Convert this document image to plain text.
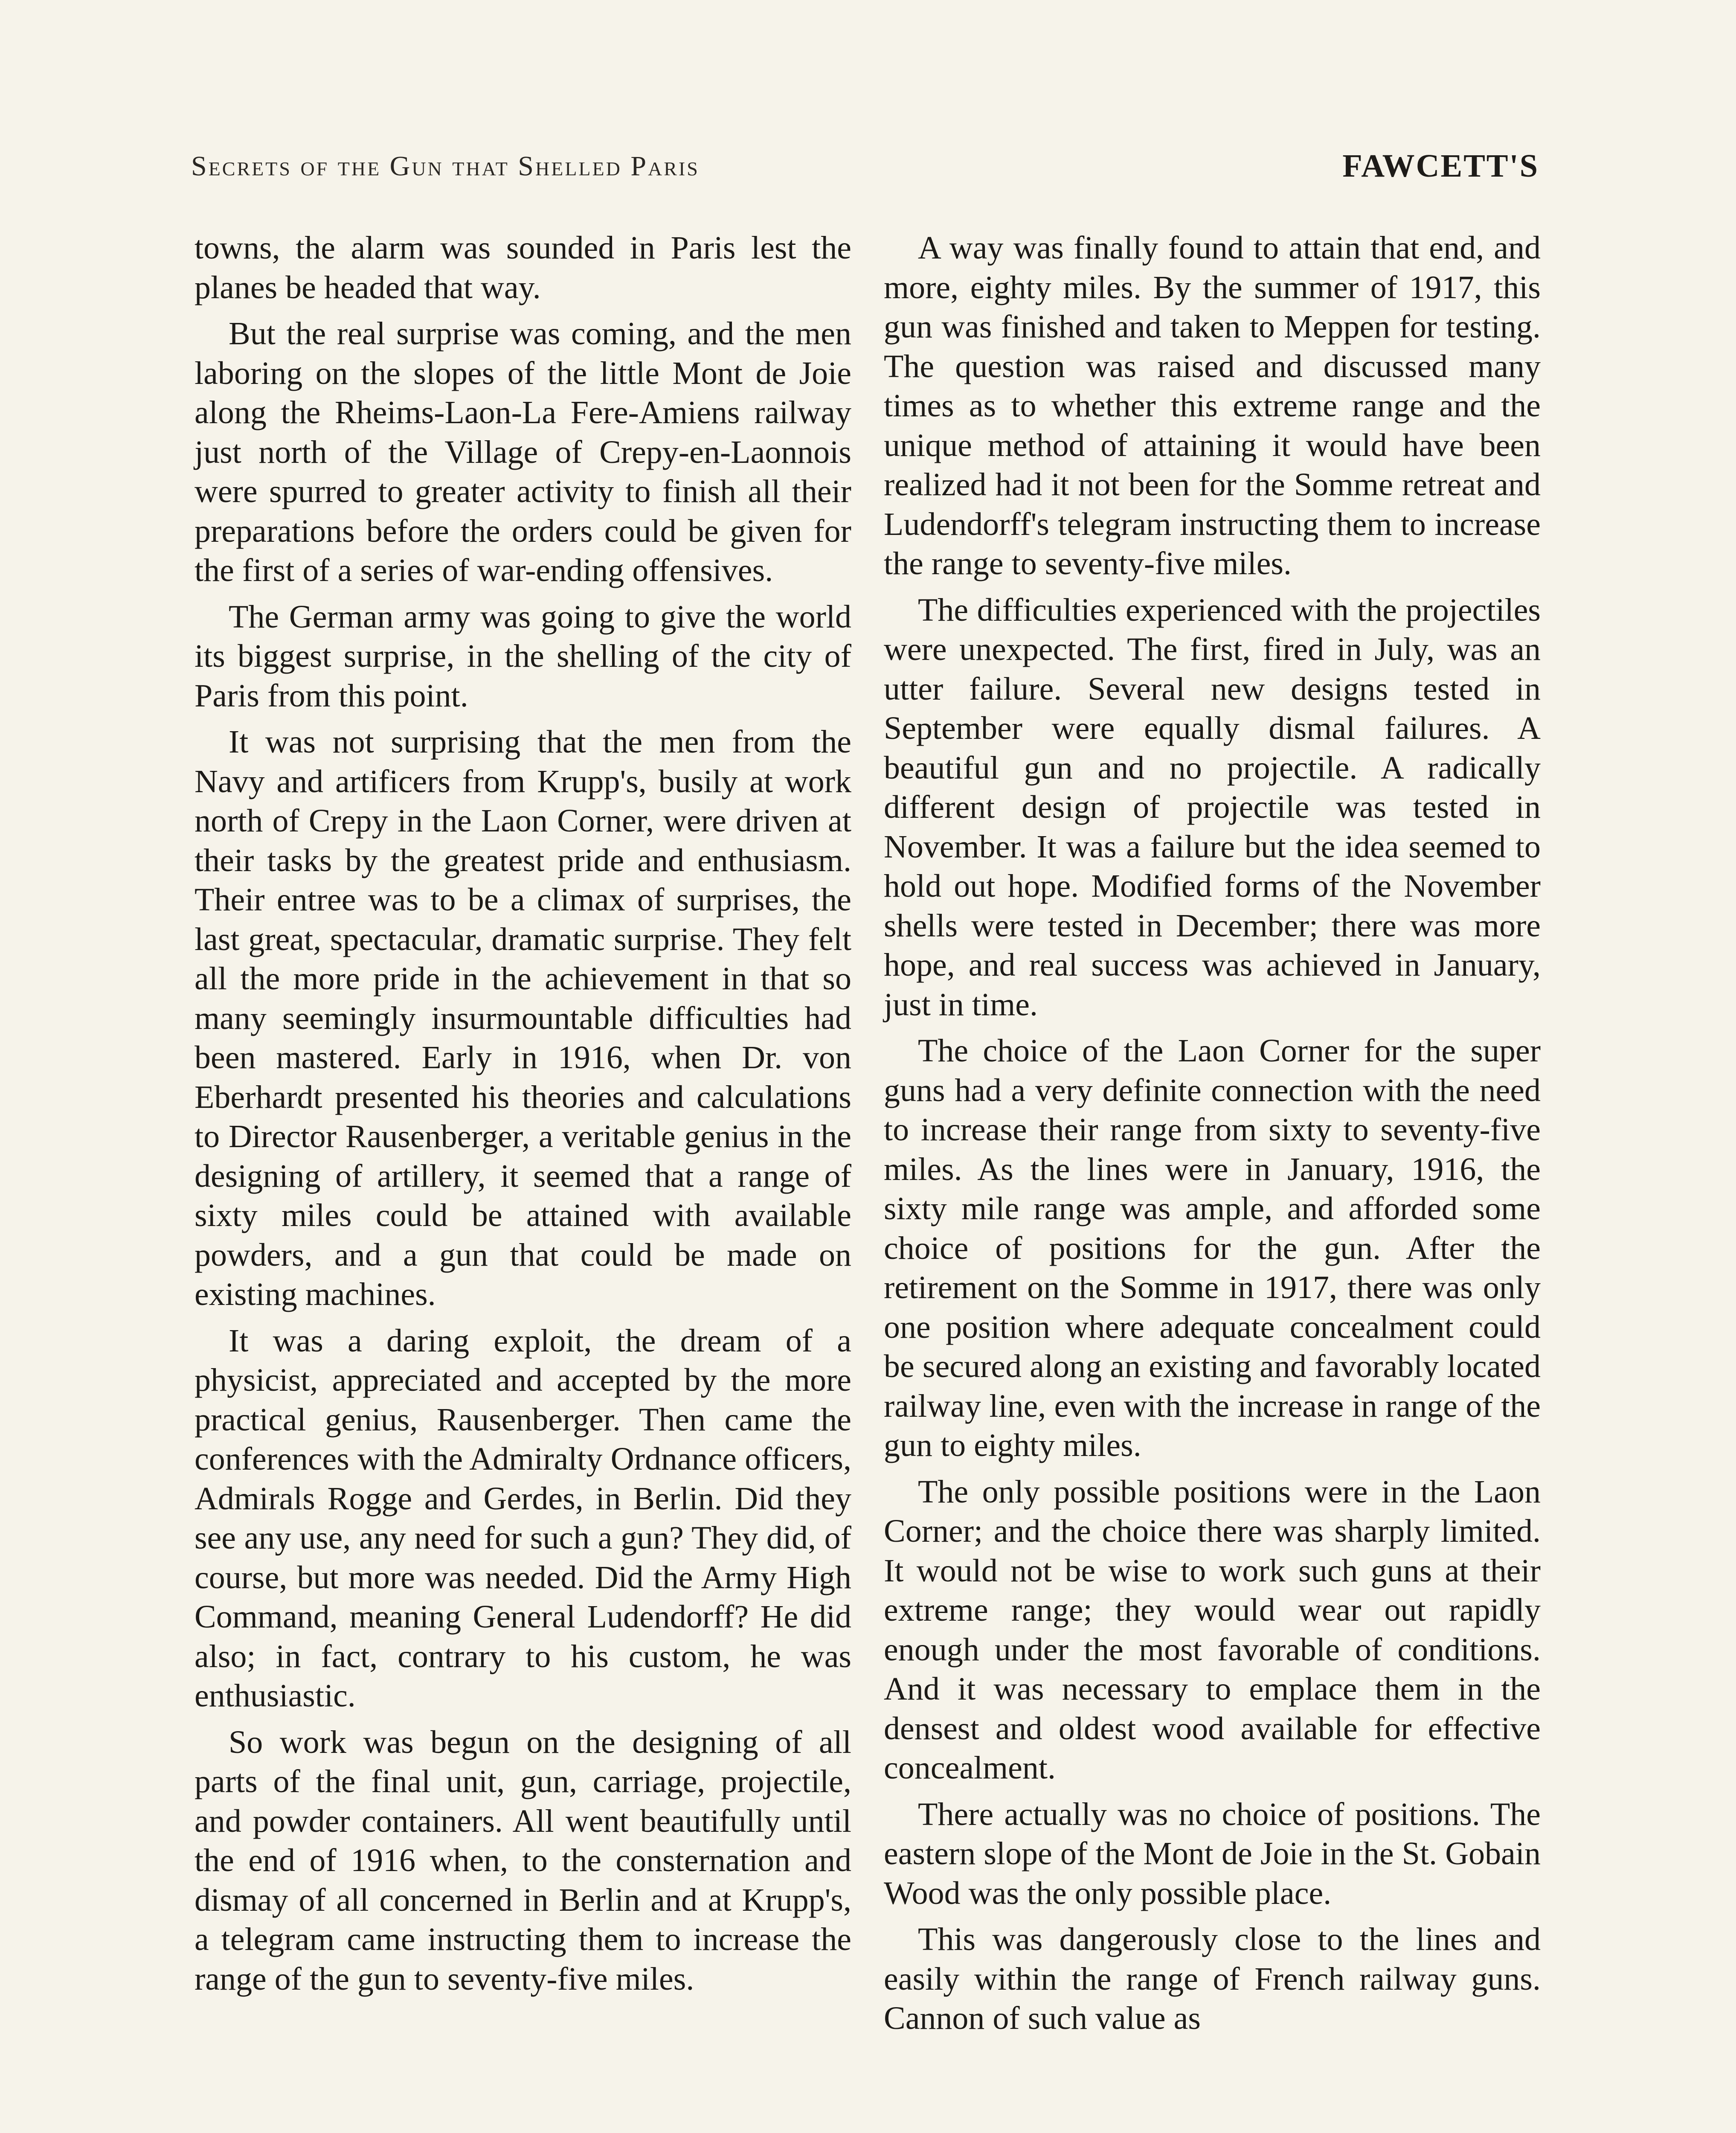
Secrets of the Gun that Shelled Paris	FAWCETT'S

towns, the alarm was sounded in Paris lest the planes be headed that way.

But the real surprise was coming, and the men laboring on the slopes of the little Mont de Joie along the Rheims-Laon-La Fere-Amiens railway just north of the Village of Crepy-en-Laonnois were spurred to greater activity to finish all their preparations before the orders could be given for the first of a series of war-ending offensives.

The German army was going to give the world its biggest surprise, in the shelling of the city of Paris from this point.

It was not surprising that the men from the Navy and artificers from Krupp's, busily at work north of Crepy in the Laon Corner, were driven at their tasks by the greatest pride and enthusiasm. Their entree was to be a climax of surprises, the last great, spectacular, dramatic surprise. They felt all the more pride in the achievement in that so many seemingly insurmountable difficulties had been mastered. Early in 1916, when Dr. von Eberhardt presented his theories and calculations to Director Rausenberger, a veritable genius in the designing of artillery, it seemed that a range of sixty miles could be attained with available powders, and a gun that could be made on existing machines.

It was a daring exploit, the dream of a physicist, appreciated and accepted by the more practical genius, Rausenberger. Then came the conferences with the Admiralty Ordnance officers, Admirals Rogge and Gerdes, in Berlin. Did they see any use, any need for such a gun? They did, of course, but more was needed. Did the Army High Command, meaning General Ludendorff? He did also; in fact, contrary to his custom, he was enthusiastic.

So work was begun on the designing of all parts of the final unit, gun, carriage, projectile, and powder containers. All went beautifully until the end of 1916 when, to the consternation and dismay of all concerned in Berlin and at Krupp's, a telegram came instructing them to increase the range of the gun to seventy-five miles.

A way was finally found to attain that end, and more, eighty miles. By the summer of 1917, this gun was finished and taken to Meppen for testing. The question was raised and discussed many times as to whether this extreme range and the unique method of attaining it would have been realized had it not been for the Somme retreat and Ludendorff's telegram instructing them to increase the range to seventy-five miles.

The difficulties experienced with the projectiles were unexpected. The first, fired in July, was an utter failure. Several new designs tested in September were equally dismal failures. A beautiful gun and no projectile. A radically different design of projectile was tested in November. It was a failure but the idea seemed to hold out hope. Modified forms of the November shells were tested in December; there was more hope, and real success was achieved in January, just in time.

The choice of the Laon Corner for the super guns had a very definite connection with the need to increase their range from sixty to seventy-five miles. As the lines were in January, 1916, the sixty mile range was ample, and afforded some choice of positions for the gun. After the retirement on the Somme in 1917, there was only one position where adequate concealment could be secured along an existing and favorably located railway line, even with the increase in range of the gun to eighty miles.

The only possible positions were in the Laon Corner; and the choice there was sharply limited. It would not be wise to work such guns at their extreme range; they would wear out rapidly enough under the most favorable of conditions. And it was necessary to emplace them in the densest and oldest wood available for effective concealment.

There actually was no choice of positions. The eastern slope of the Mont de Joie in the St. Gobain Wood was the only possible place.

This was dangerously close to the lines and easily within the range of French railway guns. Cannon of such value as
